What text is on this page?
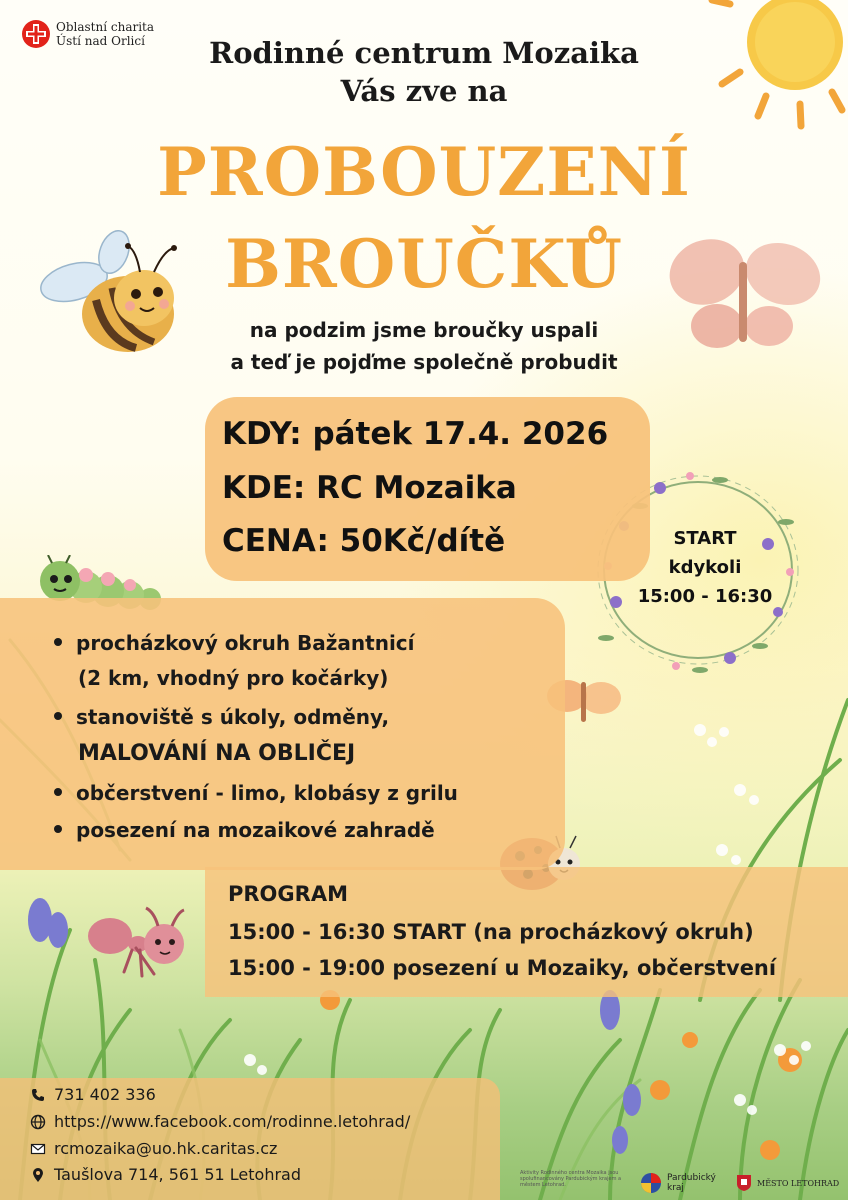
Oblastní charita
Ústí nad Orlicí	Rodinné centrum Mozaika
Vás zve na
PROBOUZENÍ
BROUČKŮ
na podzim jsme broučky uspali
a teď je pojďme společně probudit
KDY: pátek 17.4. 2026
KDE: RC Mozaika
CENA: 50Kč/dítě	START
kdykoli
15:00 - 16:30
procházkový okruh Bažantnicí
(2 km, vhodný pro kočárky)
stanoviště s úkoly, odměny,
MALOVÁNÍ NA OBLIČEJ
občerstvení - limo, klobásy z grilu
posezení na mozaikové zahradě
PROGRAM
15:00 - 16:30 START (na procházkový okruh)
15:00 - 19:00 posezení u Mozaiky, občerstvení
731 402 336
https://www.facebook.com/rodinne.letohrad/
rcmozaika@uo.hk.caritas.cz
Taušlova 714, 561 51 Letohrad	Aktivity Rodinného centra Mozaika jsou spolufinancovány Pardubickým krajem a městem Letohrad.
Pardubický
kraj	MĚSTO LETOHRAD
